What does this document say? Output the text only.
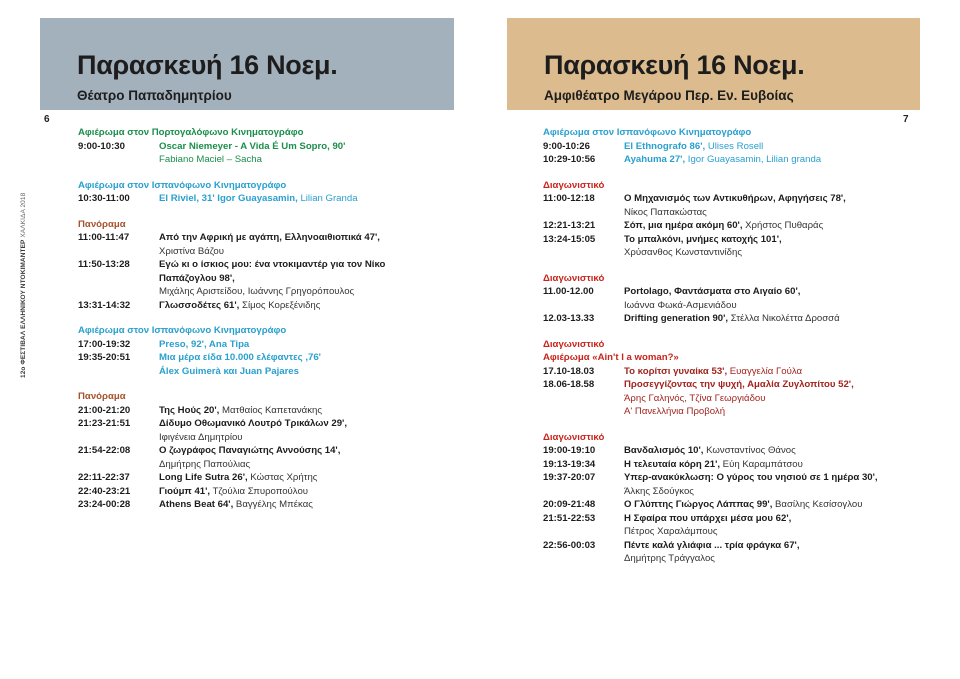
Παρασκευή 16 Νοεμ.
Θέατρο Παπαδημητρίου
6
12ο ΦΕΣΤΙΒΑΛ ΕΛΛΗΝΙΚΟΥ ΝΤΟΚΙΜΑΝΤΕΡ ΧΑΛΚΙΔΑ 2018
Αφιέρωμα στον Πορτογαλόφωνο Κινηματογράφο
9:00-10:30	Oscar Niemeyer - A Vida É Um Sopro, 90'
Fabiano Maciel – Sacha
Αφιέρωμα στον Ισπανόφωνο Κινηματογράφο
10:30-11:00	El Riviel, 31' Igor Guayasamin, Lilian Granda
Πανόραμα
11:00-11:47	Από την Αφρική με αγάπη, Ελληνοαιθιοπικά 47',
Χριστίνα Βάζου
11:50-13:28	Εγώ κι ο ίσκιος μου: ένα ντοκιμαντέρ για τον Νίκο
Παπάζογλου 98',
Μιχάλης Αριστείδου, Ιωάννης Γρηγορόπουλος
13:31-14:32	Γλωσσοδέτες 61', Σίμος Κορεξένιδης
Αφιέρωμα στον Ισπανόφωνο Κινηματογράφο
17:00-19:32	Preso, 92', Ana Tipa
19:35-20:51	Μια μέρα είδα 10.000 ελέφαντες ,76'
Álex Guimerà και Juan Pajares
Πανόραμα
21:00-21:20	Της Ηούς 20', Ματθαίος Καπετανάκης
21:23-21:51	Δίδυμο Οθωμανικό Λουτρό Τρικάλων 29',
Ιφιγένεια Δημητρίου
21:54-22:08	Ο ζωγράφος Παναγιώτης Αννούσης 14',
Δημήτρης Παπούλιας
22:11-22:37	Long Life Sutra 26', Κώστας Χρήτης
22:40-23:21	Γιούμπ 41', Τζούλια Σπυροπούλου
23:24-00:28	Athens Beat 64', Βαγγέλης Μπέκας
Παρασκευή 16 Νοεμ.
Αμφιθέατρο Μεγάρου Περ. Εν. Ευβοίας
7
Αφιέρωμα στον Ισπανόφωνο Κινηματογράφο
9:00-10:26	El Ethnografo 86', Ulises Rosell
10:29-10:56	Ayahuma 27', Igor Guayasamin, Lilian granda
Διαγωνιστικό
11:00-12:18	Ο Μηχανισμός των Αντικυθήρων, Αφηγήσεις 78',
Νίκος Παπακώστας
12:21-13:21	Σόπ, μια ημέρα ακόμη 60', Χρήστος Πυθαράς
13:24-15:05	Το μπαλκόνι, μνήμες κατοχής 101',
Χρύσανθος Κωνσταντινίδης
Διαγωνιστικό
11.00-12.00	Portolago, Φαντάσματα στο Αιγαίο 60',
Ιωάννα Φωκά-Ασμενιάδου
12.03-13.33	Drifting generation 90', Στέλλα Νικολέττα Δροσσά
Διαγωνιστικό
Αφιέρωμα «Ain't I a woman?»
17.10-18.03	Το κορίτσι γυναίκα 53', Ευαγγελία Γούλα
18.06-18.58	Προσεγγίζοντας την ψυχή, Αμαλία Ζυγλοπίτου 52',
Άρης Γαληνός, Τζίνα Γεωργιάδου
Α' Πανελλήνια Προβολή
Διαγωνιστικό
19:00-19:10	Βανδαλισμός 10', Κωνσταντίνος Θάνος
19:13-19:34	Η τελευταία κόρη 21', Εύη Καραμπάτσου
19:37-20:07	Υπερ-ανακύκλωση: Ο γύρος του νησιού σε 1 ημέρα 30',
Άλκης Σδούγκος
20:09-21:48	Ο Γλύπτης Γιώργος Λάππας 99', Βασίλης Κεσίσογλου
21:51-22:53	Η Σφαίρα που υπάρχει μέσα μου 62',
Πέτρος Χαραλάμπους
22:56-00:03	Πέντε καλά γλιάφια ... τρία φράγκα 67',
Δημήτρης Τράγγαλος
